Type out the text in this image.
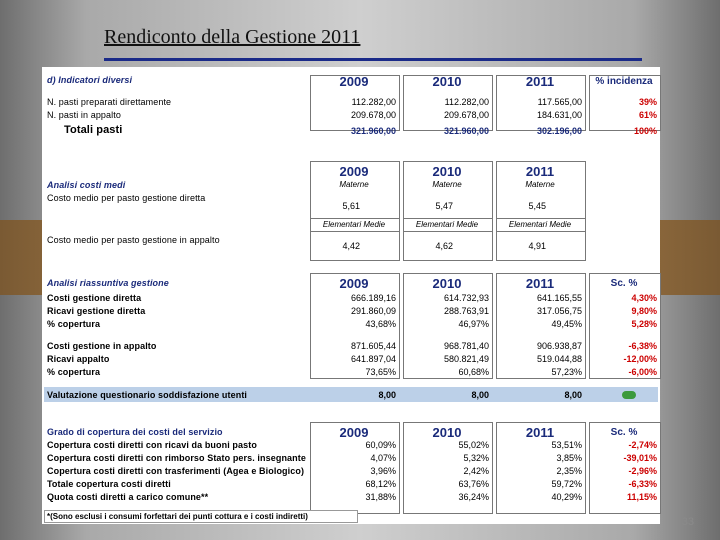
Rendiconto della Gestione 2011
d) Indicatori diversi	2009	2010	2011	% incidenza
N. pasti preparati direttamente	112.282,00	112.282,00	117.565,00	39%
N. pasti in appalto	209.678,00	209.678,00	184.631,00	61%
Totali pasti	321.960,00	321.960,00	302.196,00	100%
2009	2010	2011
Analisi costi medi	Materne	Materne	Materne
Costo medio per pasto gestione diretta
5,61	5,47	5,45
Elementari Medie	Elementari Medie	Elementari Medie
Costo medio per pasto gestione in appalto
4,42	4,62	4,91
Analisi riassuntiva gestione	2009	2010	2011	Sc. %
Costi gestione diretta	666.189,16	614.732,93	641.165,55	4,30%
Ricavi gestione diretta	291.860,09	288.763,91	317.056,75	9,80%
% copertura	43,68%	46,97%	49,45%	5,28%
Costi gestione in appalto	871.605,44	968.781,40	906.938,87	-6,38%
Ricavi appalto	641.897,04	580.821,49	519.044,88	-12,00%
% copertura	73,65%	60,68%	57,23%	-6,00%
Valutazione questionario soddisfazione utenti	8,00	8,00	8,00
Grado di copertura dei costi del servizio	2009	2010	2011	Sc. %
Copertura costi diretti con ricavi da buoni pasto	60,09%	55,02%	53,51%	-2,74%
Copertura costi diretti con rimborso Stato pers. insegnante	4,07%	5,32%	3,85%	-39,01%
Copertura costi diretti con trasferimenti (Agea e Biologico)	3,96%	2,42%	2,35%	-2,96%
Totale copertura costi diretti	68,12%	63,76%	59,72%	-6,33%
Quota costi diretti a carico comune**	31,88%	36,24%	40,29%	11,15%
*(Sono esclusi i consumi forfettari dei punti cottura e i costi indiretti)	33
